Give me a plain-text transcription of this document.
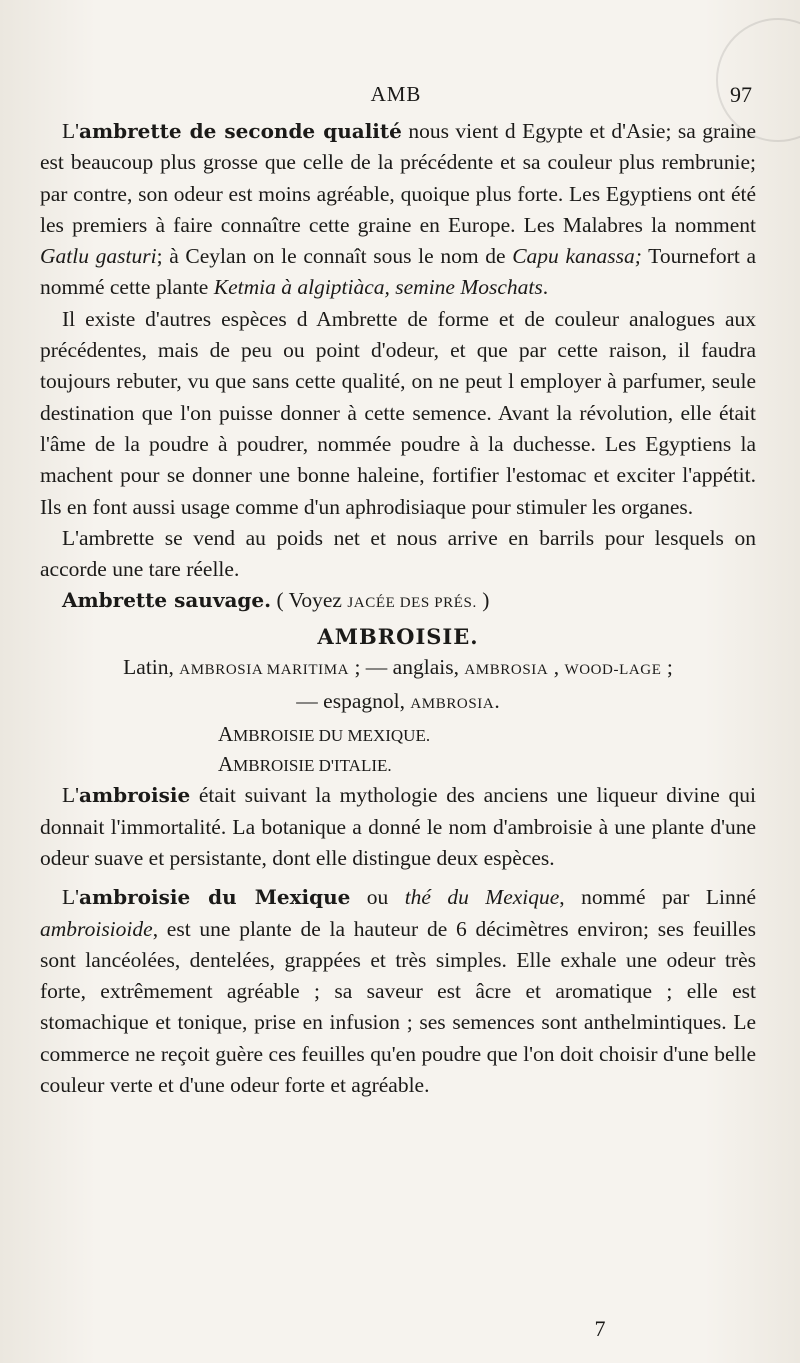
AMB	97

L'ambrette de seconde qualité nous vient d Egypte et d'Asie; sa graine est beaucoup plus grosse que celle de la précédente et sa couleur plus rembrunie; par contre, son odeur est moins agréable, quoique plus forte. Les Egyptiens ont été les premiers à faire connaître cette graine en Europe. Les Malabres la nomment Gatlu gasturi; à Ceylan on le connaît sous le nom de Capu kanassa; Tournefort a nommé cette plante Ketmia à algiptiàca, semine Moschats.

Il existe d'autres espèces d Ambrette de forme et de couleur analogues aux précédentes, mais de peu ou point d'odeur, et que par cette raison, il faudra toujours rebuter, vu que sans cette qualité, on ne peut l employer à parfumer, seule destination que l'on puisse donner à cette semence. Avant la révolution, elle était l'âme de la poudre à poudrer, nommée poudre à la duchesse. Les Egyptiens la machent pour se donner une bonne haleine, fortifier l'estomac et exciter l'appétit. Ils en font aussi usage comme d'un aphrodisiaque pour stimuler les organes.

L'ambrette se vend au poids net et nous arrive en barrils pour lesquels on accorde une tare réelle.

Ambrette sauvage. ( Voyez JACÉE DES PRÉS. )

AMBROISIE.

Latin, AMBROSIA MARITIMA ; — anglais, AMBROSIA , WOOD-LAGE ;
— espagnol, AMBROSIA.

AMBROISIE DU MEXIQUE.

AMBROISIE D'ITALIE.

L'ambroisie était suivant la mythologie des anciens une liqueur divine qui donnait l'immortalité. La botanique a donné le nom d'ambroisie à une plante d'une odeur suave et persistante, dont elle distingue deux espèces.

L'ambroisie du Mexique ou thé du Mexique, nommé par Linné ambroisioide, est une plante de la hauteur de 6 décimètres environ; ses feuilles sont lancéolées, dentelées, grappées et très simples. Elle exhale une odeur très forte, extrêmement agréable ; sa saveur est âcre et aromatique ; elle est stomachique et tonique, prise en infusion ; ses semences sont anthelmintiques. Le commerce ne reçoit guère ces feuilles qu'en poudre que l'on doit choisir d'une belle couleur verte et d'une odeur forte et agréable.

7
